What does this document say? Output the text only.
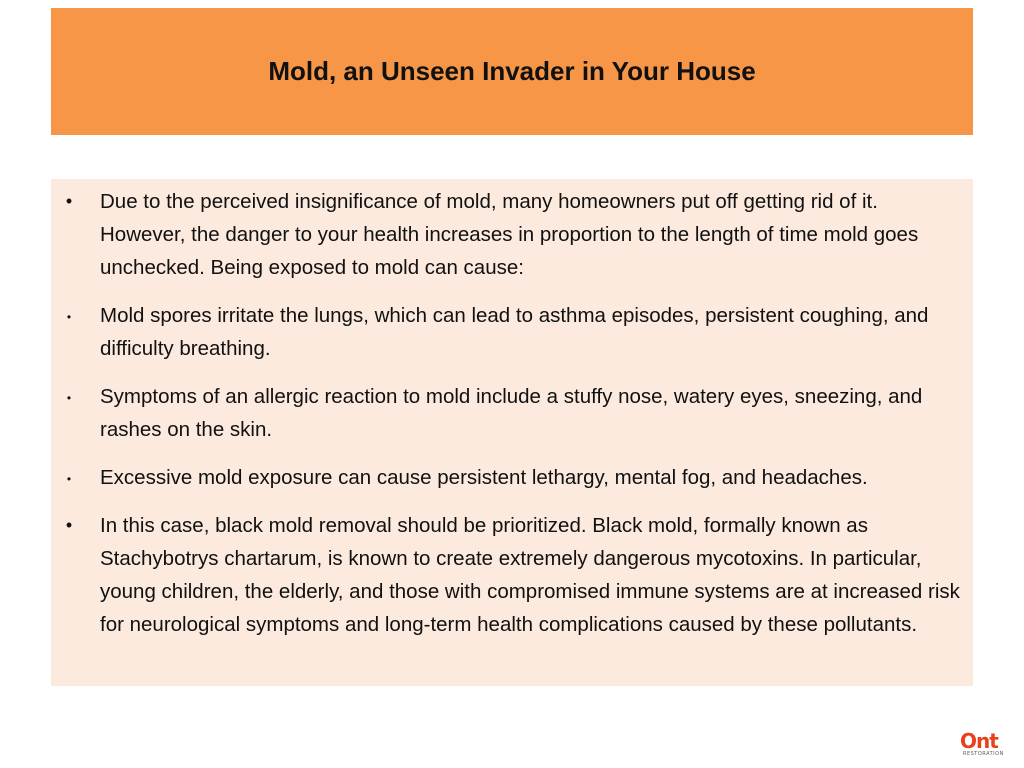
Mold, an Unseen Invader in Your House
•	Due to the perceived insignificance of mold, many homeowners put off getting rid of it. However, the danger to your health increases in proportion to the length of time mold goes unchecked. Being exposed to mold can cause:
•	Mold spores irritate the lungs, which can lead to asthma episodes, persistent coughing, and difficulty breathing.
•	Symptoms of an allergic reaction to mold include a stuffy nose, watery eyes, sneezing, and rashes on the skin.
•	Excessive mold exposure can cause persistent lethargy, mental fog, and headaches.
•	In this case, black mold removal should be prioritized. Black mold, formally known as Stachybotrys chartarum, is known to create extremely dangerous mycotoxins. In particular, young children, the elderly, and those with compromised immune systems are at increased risk for neurological symptoms and long-term health complications caused by these pollutants.
Ont
RESTORATION
